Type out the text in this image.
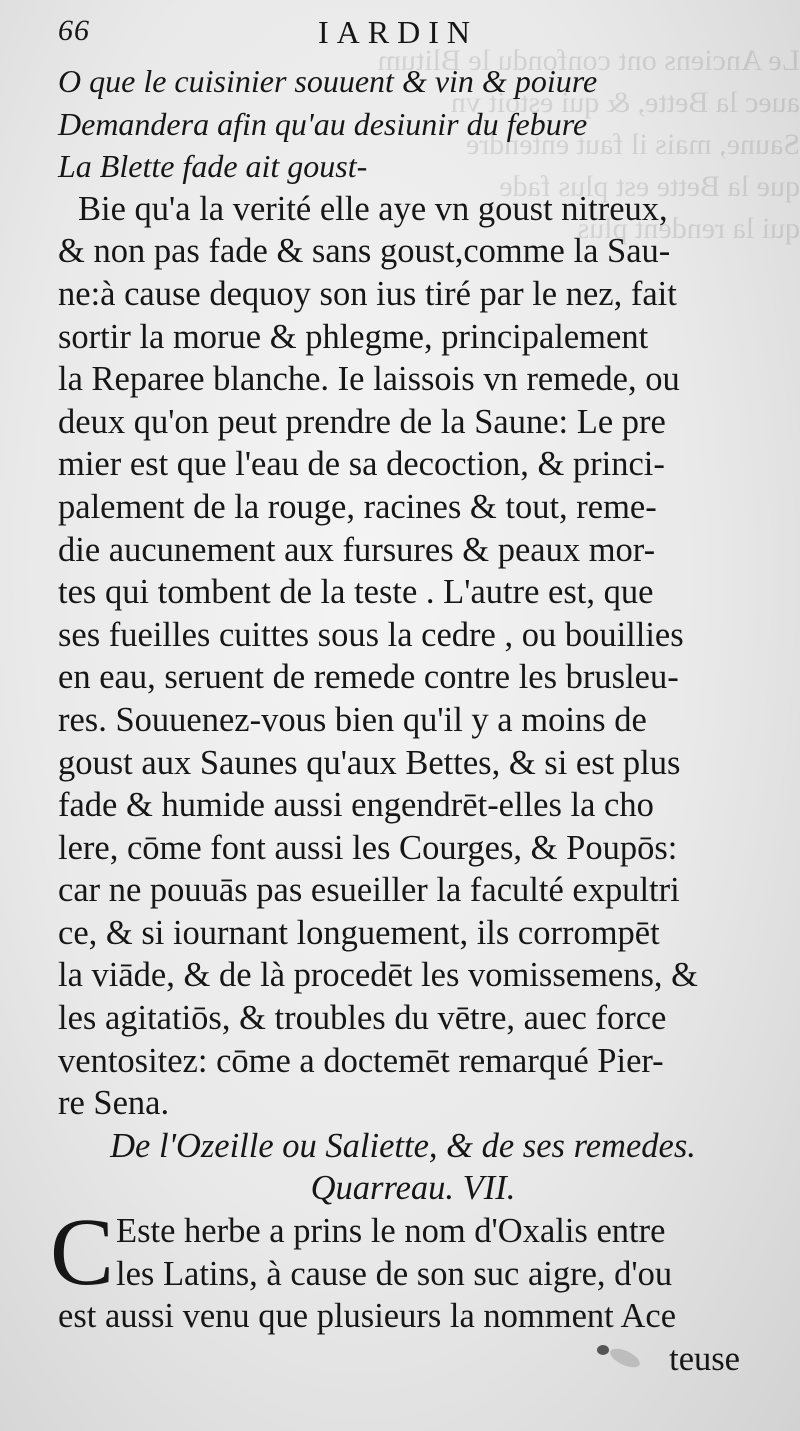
Le Anciens ont confondu le Blitum
auec la Bette, & qui estoit vn
Saune, mais il faut entendre
que la Bette est plus fade
qui la rendent plus
66	IARDIN
O que le cuisinier souuent & vin & poiure
Demandera afin qu'au desiunir du febure
La Blette fade ait goust-
Bie qu'a la verité elle aye vn goust nitreux,
& non pas fade & sans goust,comme la Sau-
ne:à cause dequoy son ius tiré par le nez, fait
sortir la morue & phlegme, principalement
la Reparee blanche. Ie laissois vn remede, ou
deux qu'on peut prendre de la Saune: Le pre
mier est que l'eau de sa decoction, & princi-
palement de la rouge, racines & tout, reme-
die aucunement aux fursures & peaux mor-
tes qui tombent de la teste . L'autre est, que
ses fueilles cuittes sous la cedre , ou bouillies
en eau, seruent de remede contre les brusleu-
res. Souuenez-vous bien qu'il y a moins de
goust aux Saunes qu'aux Bettes, & si est plus
fade & humide aussi engendrēt-elles la cho
lere, cōme font aussi les Courges, & Poupōs:
car ne pouuās pas esueiller la faculté expultri
ce, & si iournant longuement, ils corrompēt
la viāde, & de là procedēt les vomissemens, &
les agitatiōs, & troubles du vētre, auec force
ventositez: cōme a doctemēt remarqué Pier-
re Sena.
De l'Ozeille ou Saliette, & de ses remedes.
Quarreau. VII.
C Este herbe a prins le nom d'Oxalis entre
les Latins, à cause de son suc aigre, d'ou
est aussi venu que plusieurs la nomment Ace
teuse
